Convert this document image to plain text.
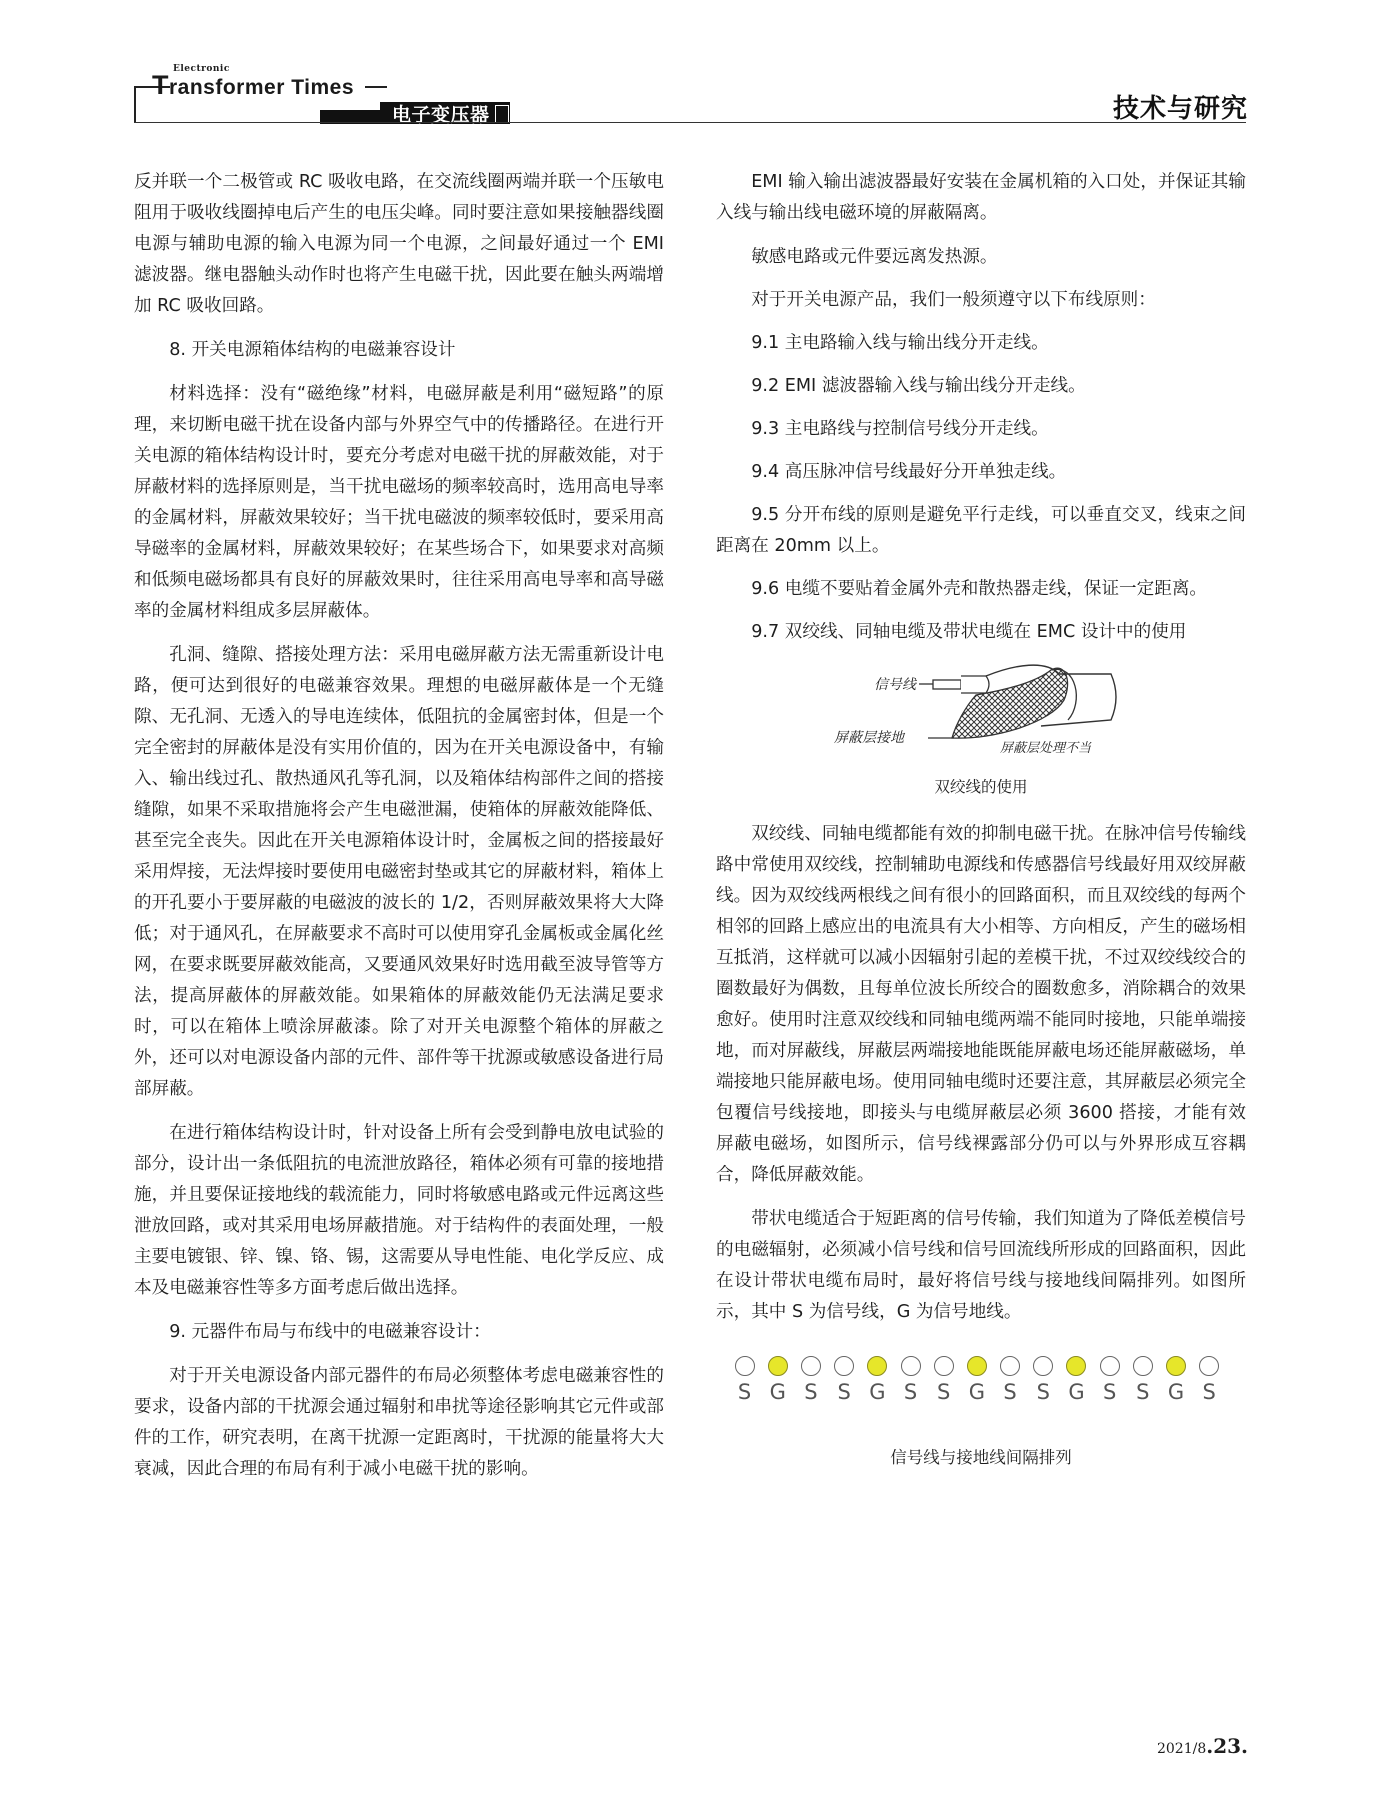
Electronic
Transformer Times
电子变压器	技术与研究

反并联一个二极管或 RC 吸收电路，在交流线圈两端并联一个压敏电阻用于吸收线圈掉电后产生的电压尖峰。同时要注意如果接触器线圈电源与辅助电源的输入电源为同一个电源，之间最好通过一个 EMI 滤波器。继电器触头动作时也将产生电磁干扰，因此要在触头两端增加 RC 吸收回路。

8. 开关电源箱体结构的电磁兼容设计

材料选择：没有“磁绝缘”材料，电磁屏蔽是利用“磁短路”的原理，来切断电磁干扰在设备内部与外界空气中的传播路径。在进行开关电源的箱体结构设计时，要充分考虑对电磁干扰的屏蔽效能，对于屏蔽材料的选择原则是，当干扰电磁场的频率较高时，选用高电导率的金属材料，屏蔽效果较好；当干扰电磁波的频率较低时，要采用高导磁率的金属材料，屏蔽效果较好；在某些场合下，如果要求对高频和低频电磁场都具有良好的屏蔽效果时，往往采用高电导率和高导磁率的金属材料组成多层屏蔽体。

孔洞、缝隙、搭接处理方法：采用电磁屏蔽方法无需重新设计电路，便可达到很好的电磁兼容效果。理想的电磁屏蔽体是一个无缝隙、无孔洞、无透入的导电连续体，低阻抗的金属密封体，但是一个完全密封的屏蔽体是没有实用价值的，因为在开关电源设备中，有输入、输出线过孔、散热通风孔等孔洞，以及箱体结构部件之间的搭接缝隙，如果不采取措施将会产生电磁泄漏，使箱体的屏蔽效能降低、甚至完全丧失。因此在开关电源箱体设计时，金属板之间的搭接最好采用焊接，无法焊接时要使用电磁密封垫或其它的屏蔽材料，箱体上的开孔要小于要屏蔽的电磁波的波长的 1/2，否则屏蔽效果将大大降低；对于通风孔，在屏蔽要求不高时可以使用穿孔金属板或金属化丝网，在要求既要屏蔽效能高，又要通风效果好时选用截至波导管等方法，提高屏蔽体的屏蔽效能。如果箱体的屏蔽效能仍无法满足要求时，可以在箱体上喷涂屏蔽漆。除了对开关电源整个箱体的屏蔽之外，还可以对电源设备内部的元件、部件等干扰源或敏感设备进行局部屏蔽。

在进行箱体结构设计时，针对设备上所有会受到静电放电试验的部分，设计出一条低阻抗的电流泄放路径，箱体必须有可靠的接地措施，并且要保证接地线的载流能力，同时将敏感电路或元件远离这些泄放回路，或对其采用电场屏蔽措施。对于结构件的表面处理，一般主要电镀银、锌、镍、铬、锡，这需要从导电性能、电化学反应、成本及电磁兼容性等多方面考虑后做出选择。

9. 元器件布局与布线中的电磁兼容设计：

对于开关电源设备内部元器件的布局必须整体考虑电磁兼容性的要求，设备内部的干扰源会通过辐射和串扰等途径影响其它元件或部件的工作，研究表明，在离干扰源一定距离时，干扰源的能量将大大衰减，因此合理的布局有利于减小电磁干扰的影响。

EMI 输入输出滤波器最好安装在金属机箱的入口处，并保证其输入线与输出线电磁环境的屏蔽隔离。

敏感电路或元件要远离发热源。

对于开关电源产品，我们一般须遵守以下布线原则：

9.1 主电路输入线与输出线分开走线。

9.2 EMI 滤波器输入线与输出线分开走线。

9.3 主电路线与控制信号线分开走线。

9.4 高压脉冲信号线最好分开单独走线。

9.5 分开布线的原则是避免平行走线，可以垂直交叉，线束之间距离在 20mm 以上。

9.6 电缆不要贴着金属外壳和散热器走线，保证一定距离。

9.7 双绞线、同轴电缆及带状电缆在 EMC 设计中的使用

信号线
屏蔽层接地
屏蔽层处理不当
双绞线的使用

双绞线、同轴电缆都能有效的抑制电磁干扰。在脉冲信号传输线路中常使用双绞线，控制辅助电源线和传感器信号线最好用双绞屏蔽线。因为双绞线两根线之间有很小的回路面积，而且双绞线的每两个相邻的回路上感应出的电流具有大小相等、方向相反，产生的磁场相互抵消，这样就可以减小因辐射引起的差模干扰，不过双绞线绞合的圈数最好为偶数，且每单位波长所绞合的圈数愈多，消除耦合的效果愈好。使用时注意双绞线和同轴电缆两端不能同时接地，只能单端接地，而对屏蔽线，屏蔽层两端接地能既能屏蔽电场还能屏蔽磁场，单端接地只能屏蔽电场。使用同轴电缆时还要注意，其屏蔽层必须完全包覆信号线接地，即接头与电缆屏蔽层必须 3600 搭接，才能有效屏蔽电磁场，如图所示，信号线裸露部分仍可以与外界形成互容耦合，降低屏蔽效能。

带状电缆适合于短距离的信号传输，我们知道为了降低差模信号的电磁辐射，必须减小信号线和信号回流线所形成的回路面积，因此在设计带状电缆布局时，最好将信号线与接地线间隔排列。如图所示，其中 S 为信号线，G 为信号地线。

S G S S G S S G S S G S S G S
信号线与接地线间隔排列
2021/8.23.
